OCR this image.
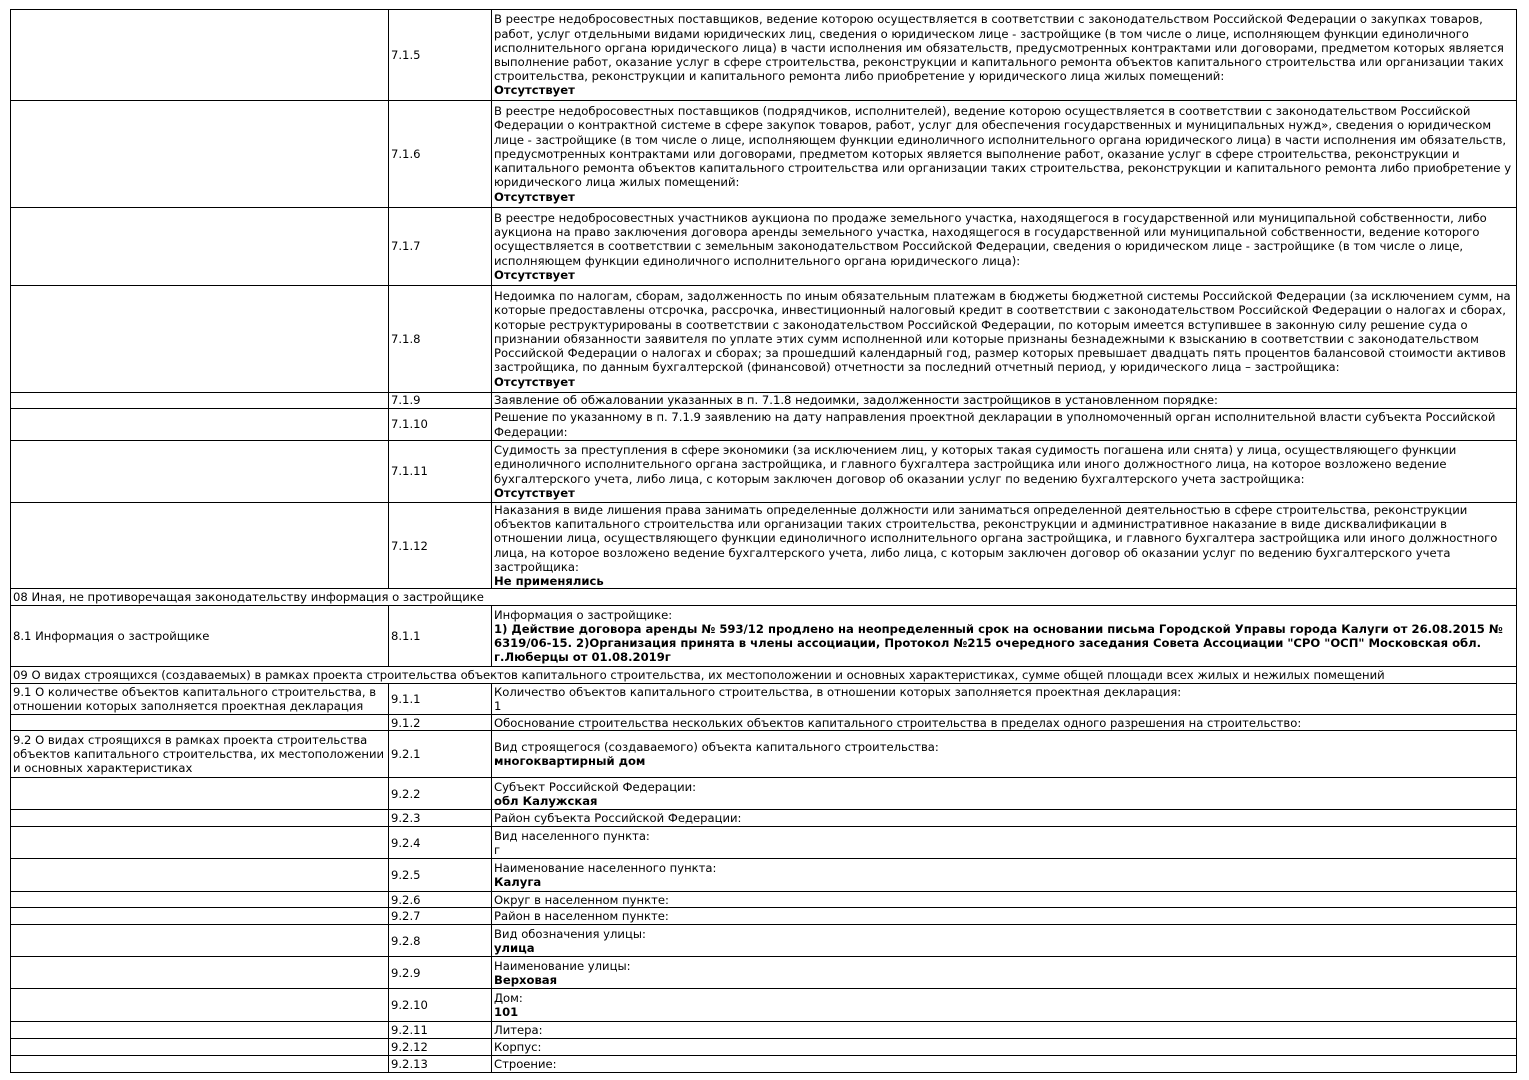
	7.1.5	В реестре недобросовестных поставщиков, ведение которою осуществляется в соответствии с законодательством Российской Федерации о закупках товаров, работ, услуг отдельными видами юридических лиц, сведения о юридическом лице - застройщике (в том числе о лице, исполняющем функции единоличного исполнительного органа юридического лица) в части исполнения им обязательств, предусмотренных контрактами или договорами, предметом которых является выполнение работ, оказание услуг в сфере строительства, реконструкции и капитального ремонта объектов капитального строительства или организации таких строительства, реконструкции и капитального ремонта либо приобретение у юридического лица жилых помещений:
Отсутствует

	7.1.6	В реестре недобросовестных поставщиков (подрядчиков, исполнителей), ведение которою осуществляется в соответствии с законодательством Российской Федерации о контрактной системе в сфере закупок товаров, работ, услуг для обеспечения государственных и муниципальных нужд», сведения о юридическом лице - застройщике (в том числе о лице, исполняющем функции единоличного исполнительного органа юридического лица) в части исполнения им обязательств, предусмотренных контрактами или договорами, предметом которых является выполнение работ, оказание услуг в сфере строительства, реконструкции и капитального ремонта объектов капитального строительства или организации таких строительства, реконструкции и капитального ремонта либо приобретение у юридического лица жилых помещений:
Отсутствует

	7.1.7	В реестре недобросовестных участников аукциона по продаже земельного участка, находящегося в государственной или муниципальной собственности, либо аукциона на право заключения договора аренды земельного участка, находящегося в государственной или муниципальной собственности, ведение которого осуществляется в соответствии с земельным законодательством Российской Федерации, сведения о юридическом лице - застройщике (в том числе о лице, исполняющем функции единоличного исполнительного органа юридического лица):
Отсутствует

	7.1.8	Недоимка по налогам, сборам, задолженность по иным обязательным платежам в бюджеты бюджетной системы Российской Федерации (за исключением сумм, на которые предоставлены отсрочка, рассрочка, инвестиционный налоговый кредит в соответствии с законодательством Российской Федерации о налогах и сборах, которые реструктурированы в соответствии с законодательством Российской Федерации, по которым имеется вступившее в законную силу решение суда о признании обязанности заявителя по уплате этих сумм исполненной или которые признаны безнадежными к взысканию в соответствии с законодательством Российской Федерации о налогах и сборах; за прошедший календарный год, размер которых превышает двадцать пять процентов балансовой стоимости активов застройщика, по данным бухгалтерской (финансовой) отчетности за последний отчетный период, у юридического лица – застройщика:
Отсутствует

	7.1.9	Заявление об обжаловании указанных в п. 7.1.8 недоимки, задолженности застройщиков в установленном порядке:

	7.1.10	Решение по указанному в п. 7.1.9 заявлению на дату направления проектной декларации в уполномоченный орган исполнительной власти субъекта Российской Федерации:

	7.1.11	Судимость за преступления в сфере экономики (за исключением лиц, у которых такая судимость погашена или снята) у лица, осуществляющего функции единоличного исполнительного органа застройщика, и главного бухгалтера застройщика или иного должностного лица, на которое возложено ведение бухгалтерского учета, либо лица, с которым заключен договор об оказании услуг по ведению бухгалтерского учета застройщика:
Отсутствует

	7.1.12	Наказания в виде лишения права занимать определенные должности или заниматься определенной деятельностью в сфере строительства, реконструкции объектов капитального строительства или организации таких строительства, реконструкции и административное наказание в виде дисквалификации в отношении лица, осуществляющего функции единоличного исполнительного органа застройщика, и главного бухгалтера застройщика или иного должностного лица, на которое возложено ведение бухгалтерского учета, либо лица, с которым заключен договор об оказании услуг по ведению бухгалтерского учета застройщика:
Не применялись

08 Иная, не противоречащая законодательству информация о застройщике		
8.1 Информация о застройщике	8.1.1	Информация о застройщике:
1) Действие договора аренды № 593/12 продлено на неопределенный срок на основании письма Городской Управы города Калуги от 26.08.2015 № 6319/06-15. 2)Организация принята в члены ассоциации, Протокол №215 очередного заседания Совета Ассоциации "СРО "ОСП" Московская обл. г.Люберцы от 01.08.2019г

09 О видах строящихся (создаваемых) в рамках проекта строительства объектов капитального строительства, их местоположении и основных характеристиках, сумме общей площади всех жилых и нежилых помещений		
9.1 О количестве объектов капитального строительства, в отношении которых заполняется проектная декларация	9.1.1	Количество объектов капитального строительства, в отношении которых заполняется проектная декларация:
1

	9.1.2	Обоснование строительства нескольких объектов капитального строительства в пределах одного разрешения на строительство:

9.2 О видах строящихся в рамках проекта строительства объектов капитального строительства, их местоположении и основных характеристиках	9.2.1	Вид строящегося (создаваемого) объекта капитального строительства:
многоквартирный дом

	9.2.2	Субъект Российской Федерации:
обл Калужская

	9.2.3	Район субъекта Российской Федерации:

	9.2.4	Вид населенного пункта:
г

	9.2.5	Наименование населенного пункта:
Калуга

	9.2.6	Округ в населенном пункте:

	9.2.7	Район в населенном пункте:

	9.2.8	Вид обозначения улицы:
улица

	9.2.9	Наименование улицы:
Верховая

	9.2.10	Дом:
101

	9.2.11	Литера:

	9.2.12	Корпус:

	9.2.13	Строение:
